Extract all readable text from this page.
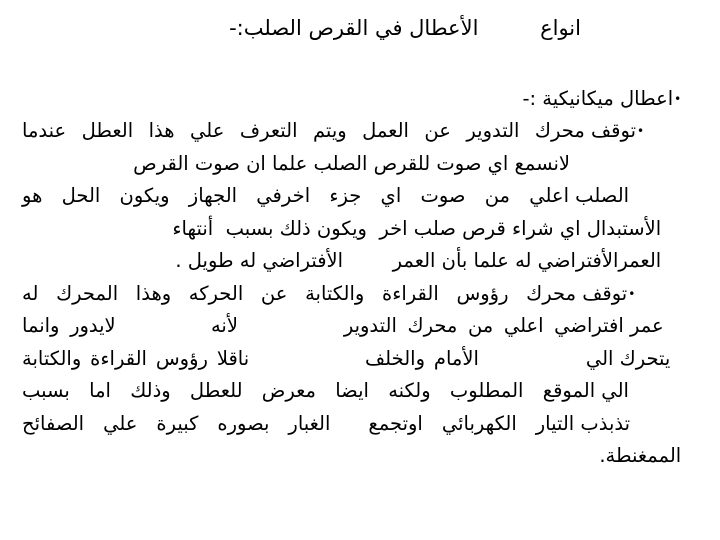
انواع الأعطال في القرص الصلب:-

•اعطال ميكانيكية :-

•توقف محرك التدوير عن العمل ويتم التعرف علي هذا العطل عندما

لانسمع اي صوت للقرص الصلب علما ان صوت القرص

الصلب اعلي من صوت اي جزء اخرفي الجهاز ويكون الحل هو

الأستبدال اي شراء قرص صلب اخر  ويكون ذلك بسبب  أنتهاء

العمرالأفتراضي له علما بأن العمر        الأفتراضي له طويل .

•توقف محرك رؤوس القراءة والكتابة عن الحركه وهذا المحرك له

عمر افتراضي اعلي من محرك التدوير          لأنه         لايدور وانما

يتحرك الي            الأمام والخلف             ناقلا رؤوس القراءة والكتابة

الي الموقع المطلوب ولكنه ايضا معرض للعطل وذلك اما بسبب

تذبذب التيار الكهربائي اوتجمع  الغبار بصوره كبيرة علي الصفائح

الممغنطة.
